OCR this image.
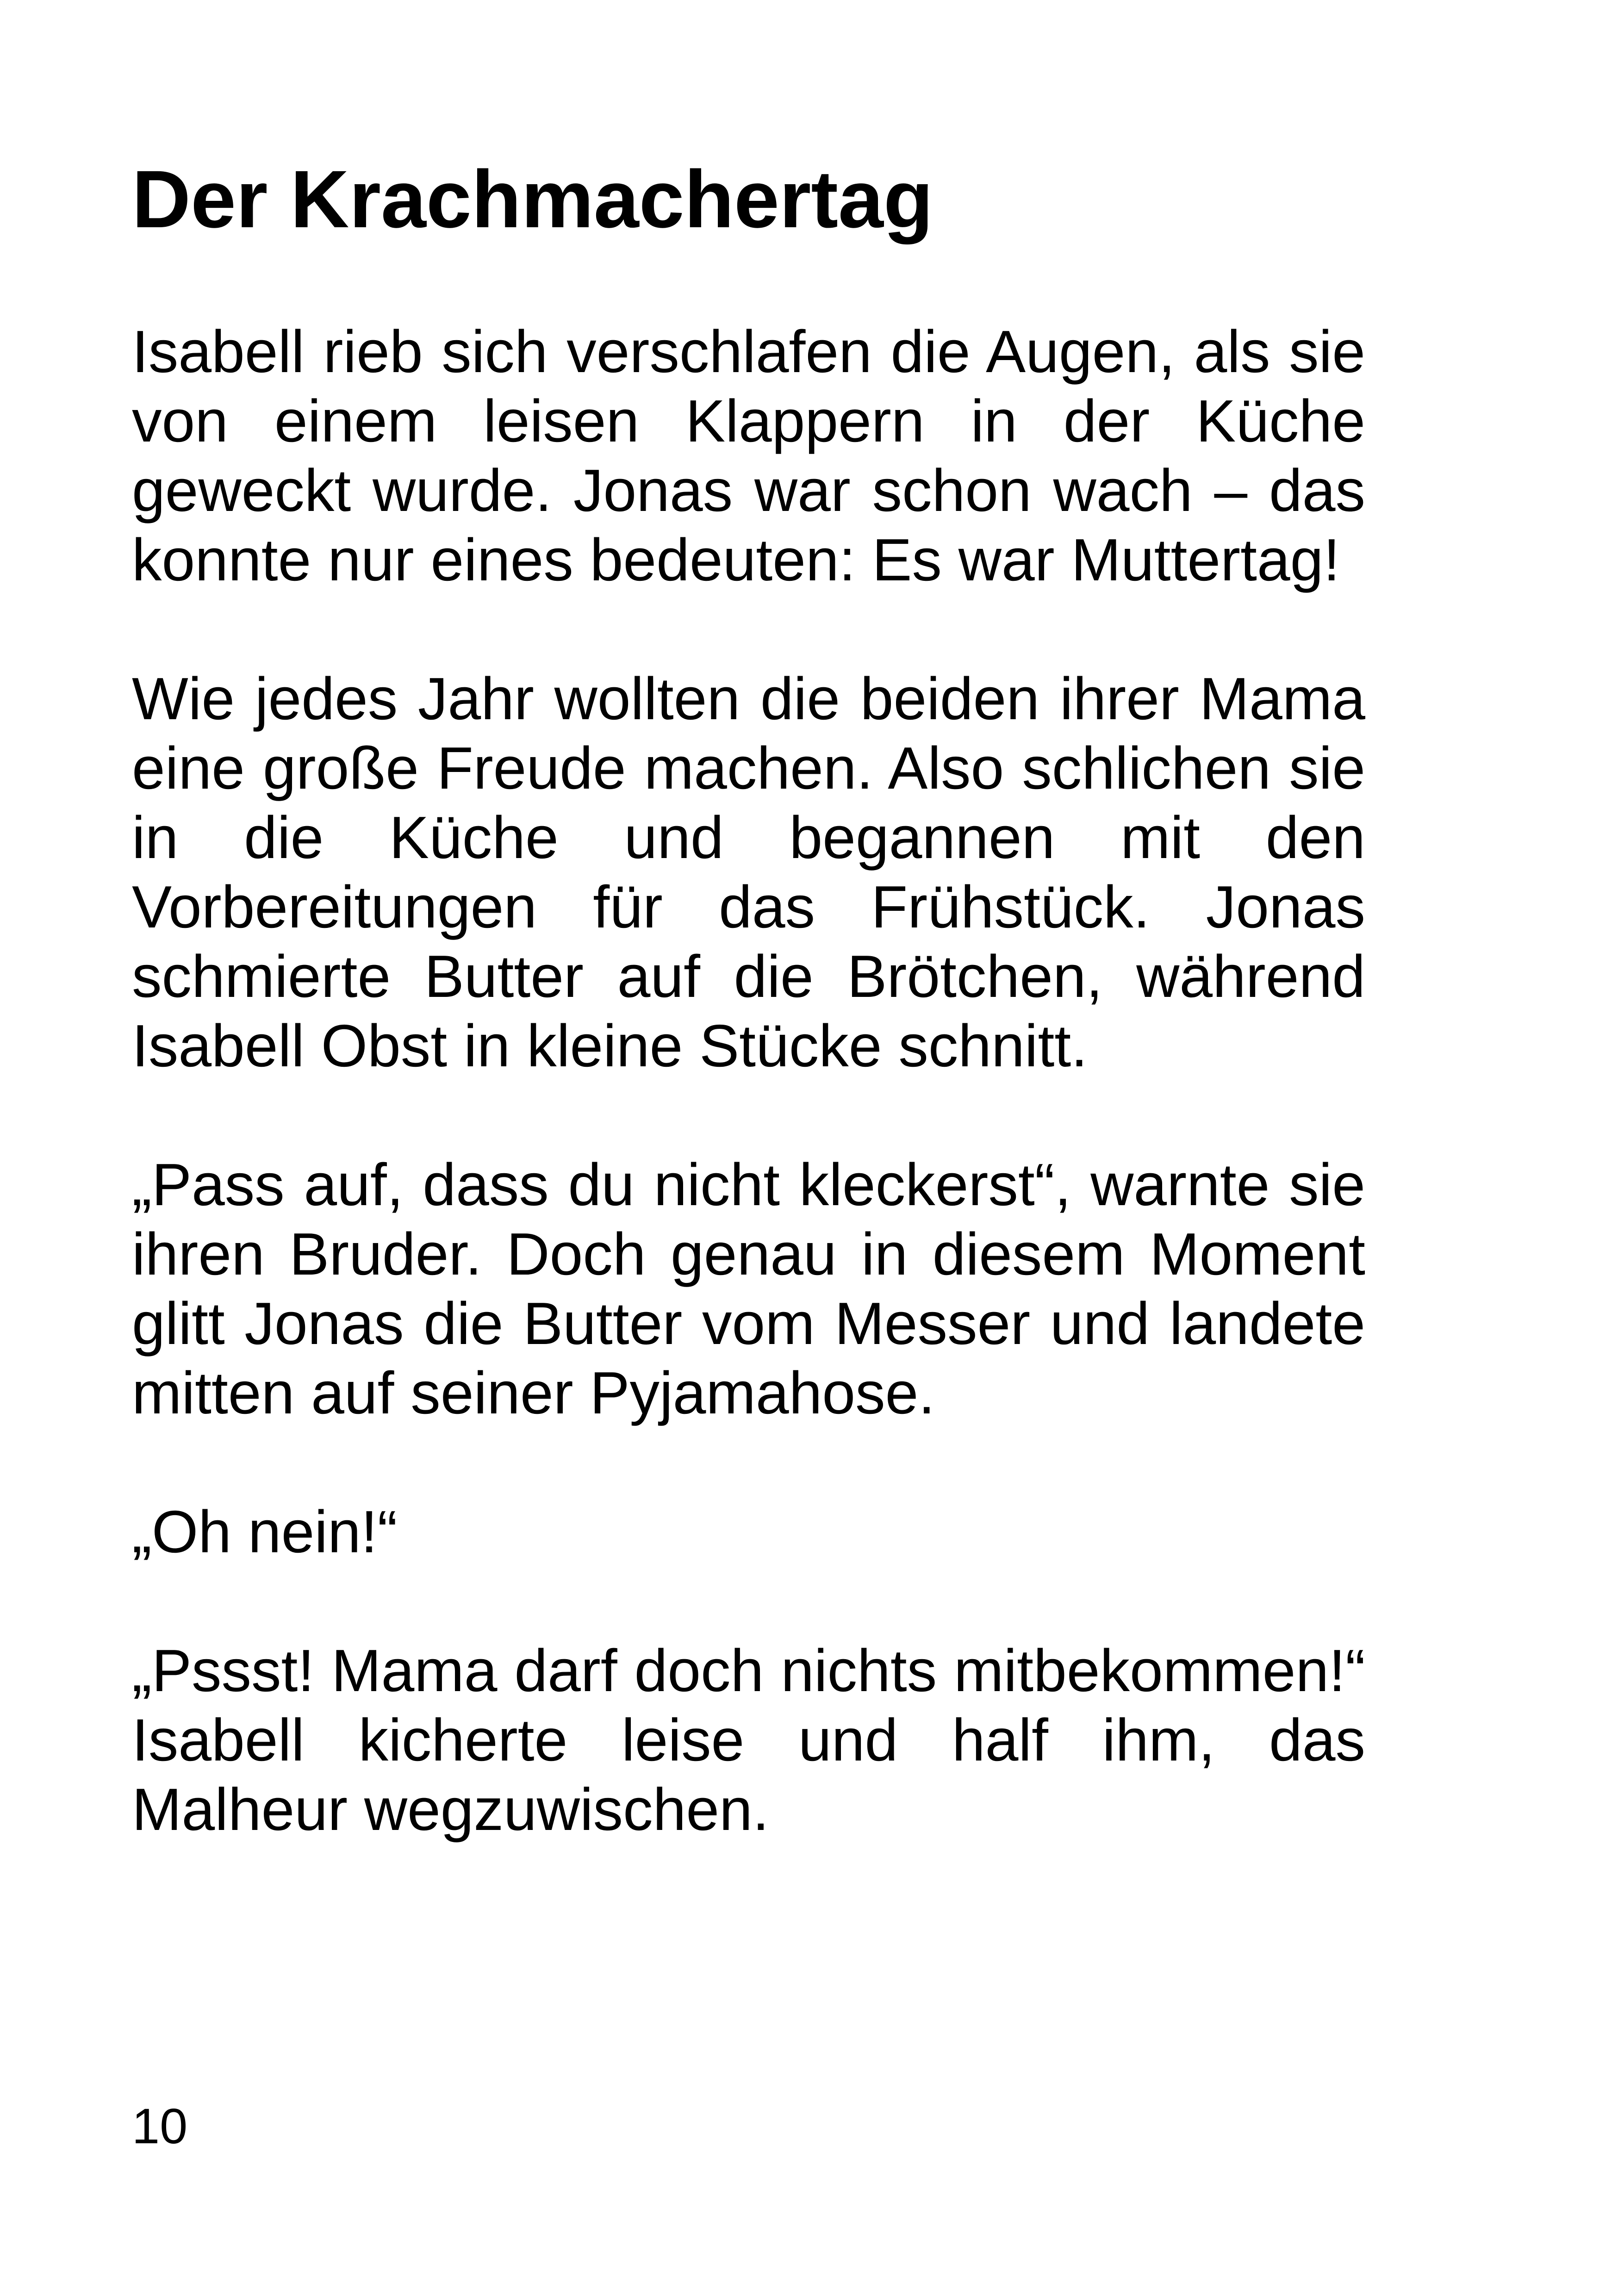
Der Krachmachertag

Isabell rieb sich verschlafen die Augen, als sie von einem leisen Klappern in der Küche geweckt wurde. Jonas war schon wach – das konnte nur eines bedeuten: Es war Muttertag!

Wie jedes Jahr wollten die beiden ihrer Mama eine große Freude machen. Also schlichen sie in die Küche und begannen mit den Vorbereitungen für das Frühstück. Jonas schmierte Butter auf die Brötchen, während Isabell Obst in kleine Stücke schnitt.

„Pass auf, dass du nicht kleckerst“, warnte sie ihren Bruder. Doch genau in diesem Moment glitt Jonas die Butter vom Messer und landete mitten auf seiner Pyjamahose.

„Oh nein!“

„Pssst! Mama darf doch nichts mitbekommen!“ Isabell kicherte leise und half ihm, das Malheur wegzuwischen.

10
